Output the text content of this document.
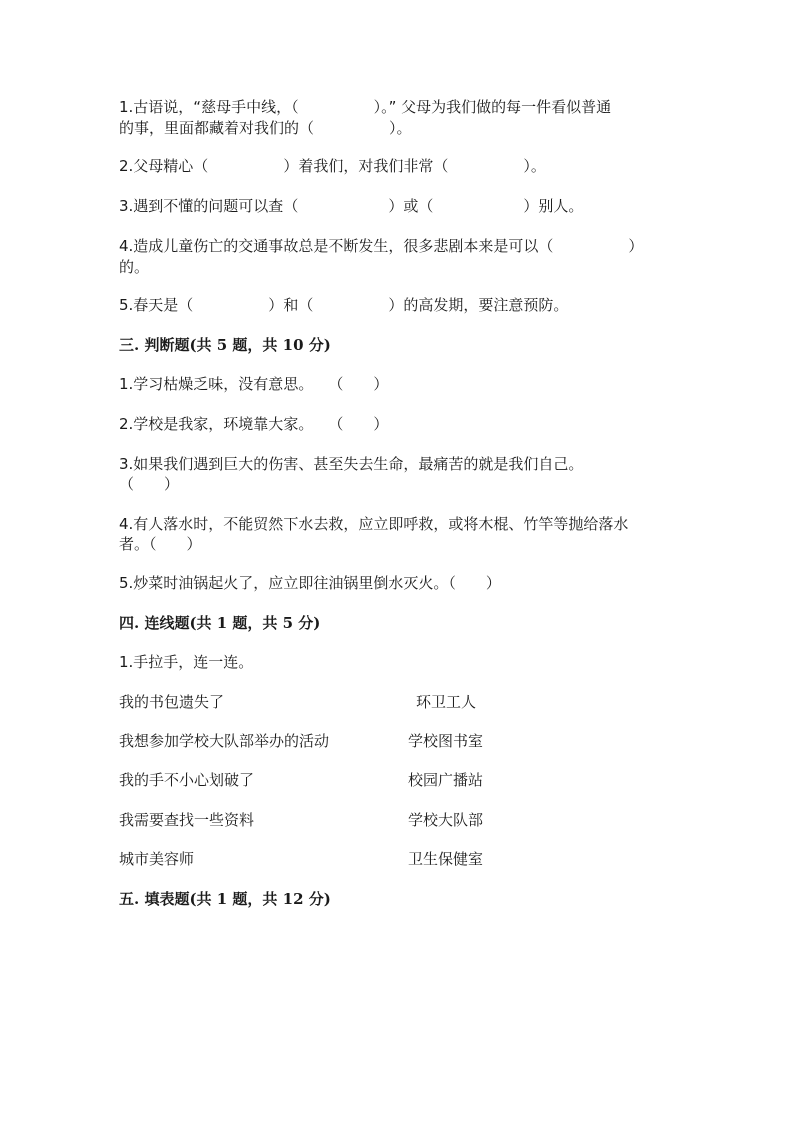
1.古语说，“慈母手中线，（　　　　　）。” 父母为我们做的每一件看似普通
的事，里面都藏着对我们的（　　　　　）。
2.父母精心（　　　　　）着我们，对我们非常（　　　　　）。
3.遇到不懂的问题可以查（　　　　　　）或（　　　　　　）别人。
4.造成儿童伤亡的交通事故总是不断发生，很多悲剧本来是可以（　　　　　）
的。
5.春天是（　　　　　）和（　　　　　）的高发期，要注意预防。
三. 判断题(共 5 题，共 10 分)
1.学习枯燥乏味，没有意思。　　（　　）
2.学校是我家，环境靠大家。　　（　　）
3.如果我们遇到巨大的伤害、甚至失去生命，最痛苦的就是我们自己。
（　　）
4.有人落水时，不能贸然下水去救，应立即呼救，或将木棍、竹竿等抛给落水
者。（　　）
5.炒菜时油锅起火了，应立即往油锅里倒水灭火。（　　）
四. 连线题(共 1 题，共 5 分)
1.手拉手，连一连。
我的书包遗失了	环卫工人
我想参加学校大队部举办的活动	学校图书室
我的手不小心划破了	校园广播站
我需要查找一些资料	学校大队部
城市美容师	卫生保健室
五. 填表题(共 1 题，共 12 分)
